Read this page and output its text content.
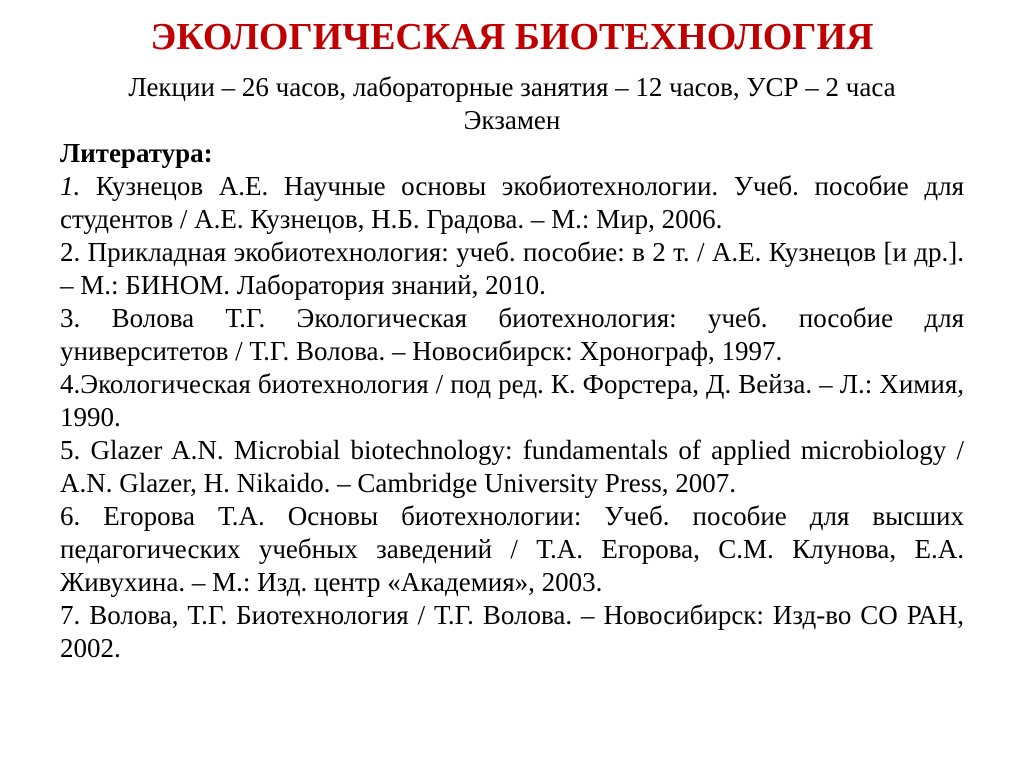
ЭКОЛОГИЧЕСКАЯ БИОТЕХНОЛОГИЯ
Лекции – 26 часов, лабораторные занятия – 12 часов, УСР – 2 часа
Экзамен

Литература:

1. Кузнецов А.Е. Научные основы экобиотехнологии. Учеб. пособие для студентов / А.Е. Кузнецов, Н.Б. Градова. – М.: Мир, 2006.

2. Прикладная экобиотехнология: учеб. пособие: в 2 т. / А.Е. Кузнецов [и др.]. – М.: БИНОМ. Лаборатория знаний, 2010.

3. Волова Т.Г. Экологическая биотехнология: учеб. пособие для университетов / Т.Г. Волова. – Новосибирск: Хронограф, 1997.

4.Экологическая биотехнология / под ред. К. Форстера, Д. Вейза. – Л.: Химия, 1990.

5. Glazer A.N. Microbial biotechnology: fundamentals of applied microbiology / A.N. Glazer, H. Nikaido. – Cambridge University Press, 2007.

6. Егорова Т.А. Основы биотехнологии: Учеб. пособие для высших педагогических учебных заведений / Т.А. Егорова, С.М. Клунова, Е.А. Живухина. – М.: Изд. центр «Академия», 2003.

7. Волова, Т.Г. Биотехнология / Т.Г. Волова. – Новосибирск: Изд-во СО РАН, 2002.
